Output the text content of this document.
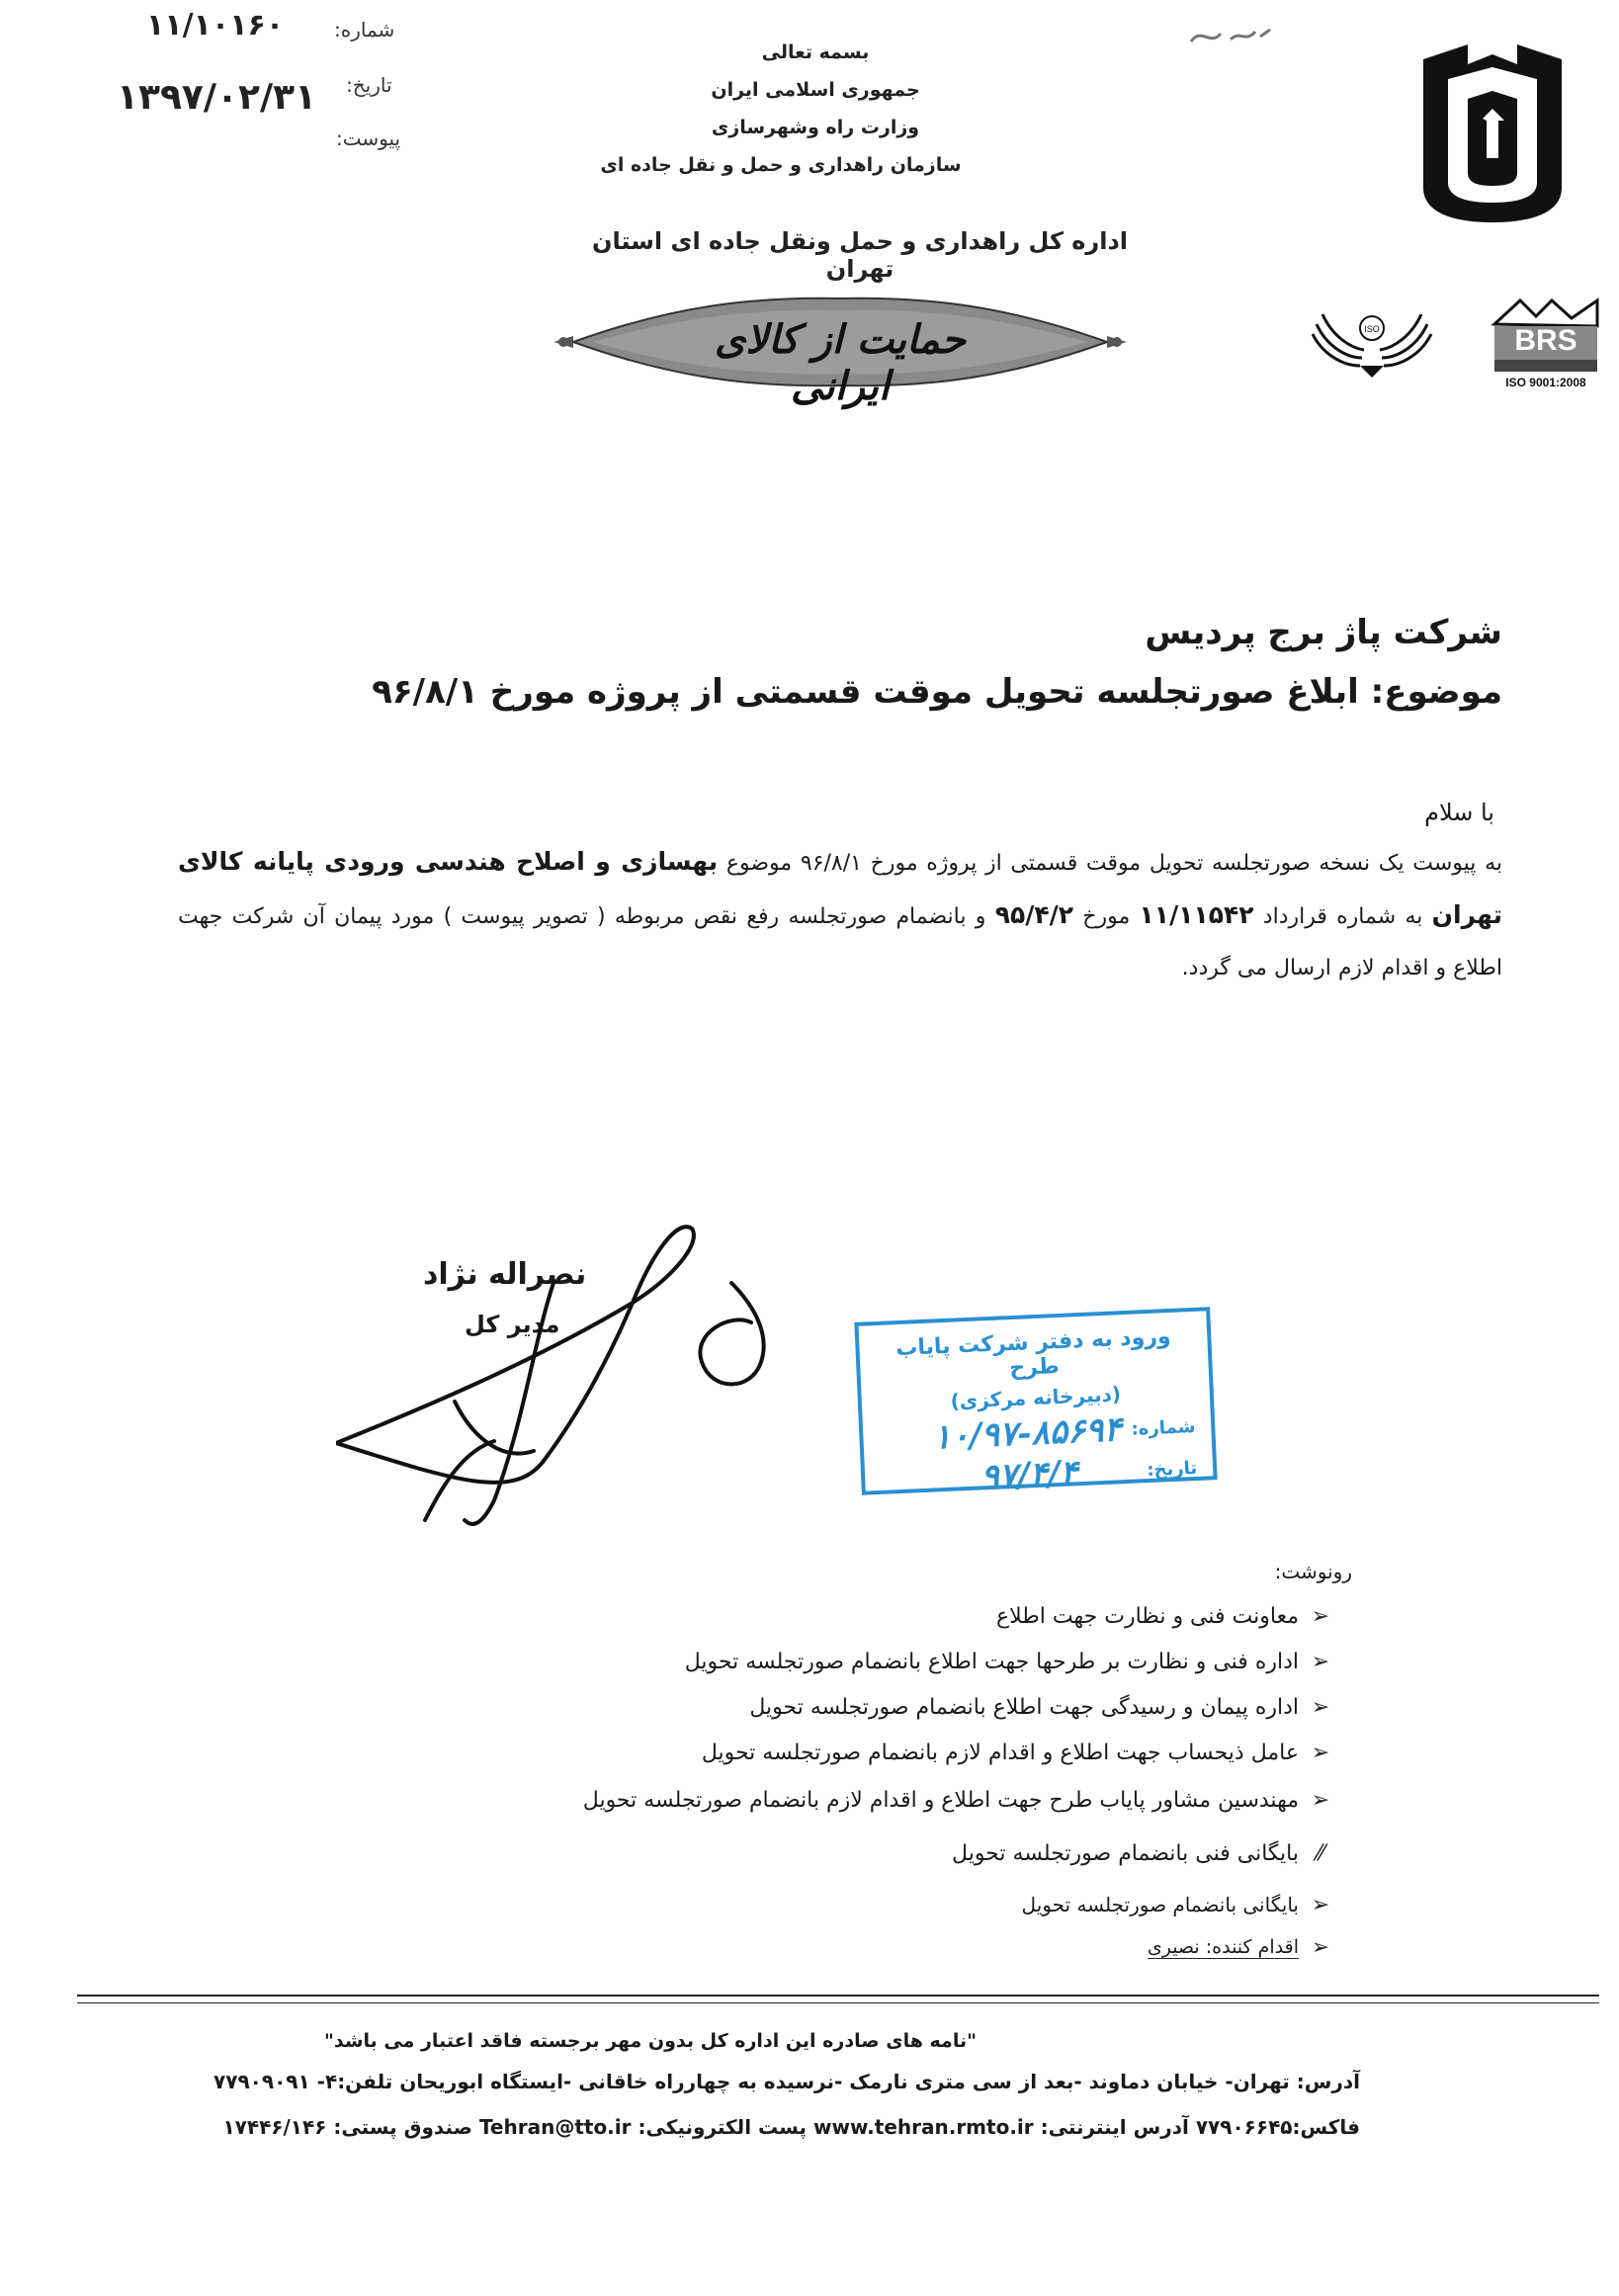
شماره:
۱۱/۱۰۱۶۰
تاریخ:
۱۳۹۷/۰۲/۳۱
پیوست:
بسمه تعالی
جمهوری اسلامی ایران
وزارت راه وشهرسازی
سازمان راهداری و حمل و نقل جاده ای
اداره کل راهداری و حمل ونقل جاده ای استان تهران
حمایت از کالای ایرانی
ISO	BRS
ISO 9001:2008
شرکت پاژ برج پردیس
موضوع: ابلاغ صورتجلسه تحویل موقت قسمتی از پروژه مورخ ۹۶/۸/۱
با سلام
به پیوست یک نسخه صورتجلسه تحویل موقت قسمتی از پروژه مورخ ۹۶/۸/۱ موضوع بهسازی و اصلاح هندسی ورودی پایانه کالای تهران به شماره قرارداد ۱۱/۱۱۵۴۲ مورخ ۹۵/۴/۲ و بانضمام صورتجلسه رفع نقص مربوطه ( تصویر پیوست ) مورد پیمان آن شرکت جهت اطلاع و اقدام لازم ارسال می گردد.
نصراله نژاد
مدیر کل	ورود به دفتر شرکت پایاب طرح
(دبیرخانه مرکزی)
شماره:
۱۰/۹۷-۸۵۶۹۴
تاریخ:
۹۷/۴/۴
رونوشت:
➢
معاونت فنی و نظارت جهت اطلاع
➢
اداره فنی و نظارت بر طرحها جهت اطلاع بانضمام صورتجلسه تحویل
➢
اداره پیمان و رسیدگی جهت اطلاع بانضمام صورتجلسه تحویل
➢
عامل ذیحساب جهت اطلاع و اقدام لازم بانضمام صورتجلسه تحویل
➢
مهندسین مشاور پایاب طرح جهت اطلاع و اقدام لازم بانضمام صورتجلسه تحویل
⁄⁄
بایگانی فنی بانضمام صورتجلسه تحویل
➢
بایگانی بانضمام صورتجلسه تحویل
➢
اقدام کننده: نصیری
"نامه های صادره این اداره کل بدون مهر برجسته فاقد اعتبار می باشد"
آدرس: تهران- خیابان دماوند -بعد از سی متری نارمک -نرسیده به چهارراه خاقانی -ایستگاه ابوریحان تلفن:۴- ۷۷۹۰۹۰۹۱
فاکس:۷۷۹۰۶۶۴۵ آدرس اینترنتی: www.tehran.rmto.ir پست الکترونیکی: Tehran@tto.ir صندوق پستی: ۱۷۴۴۶/۱۴۶
